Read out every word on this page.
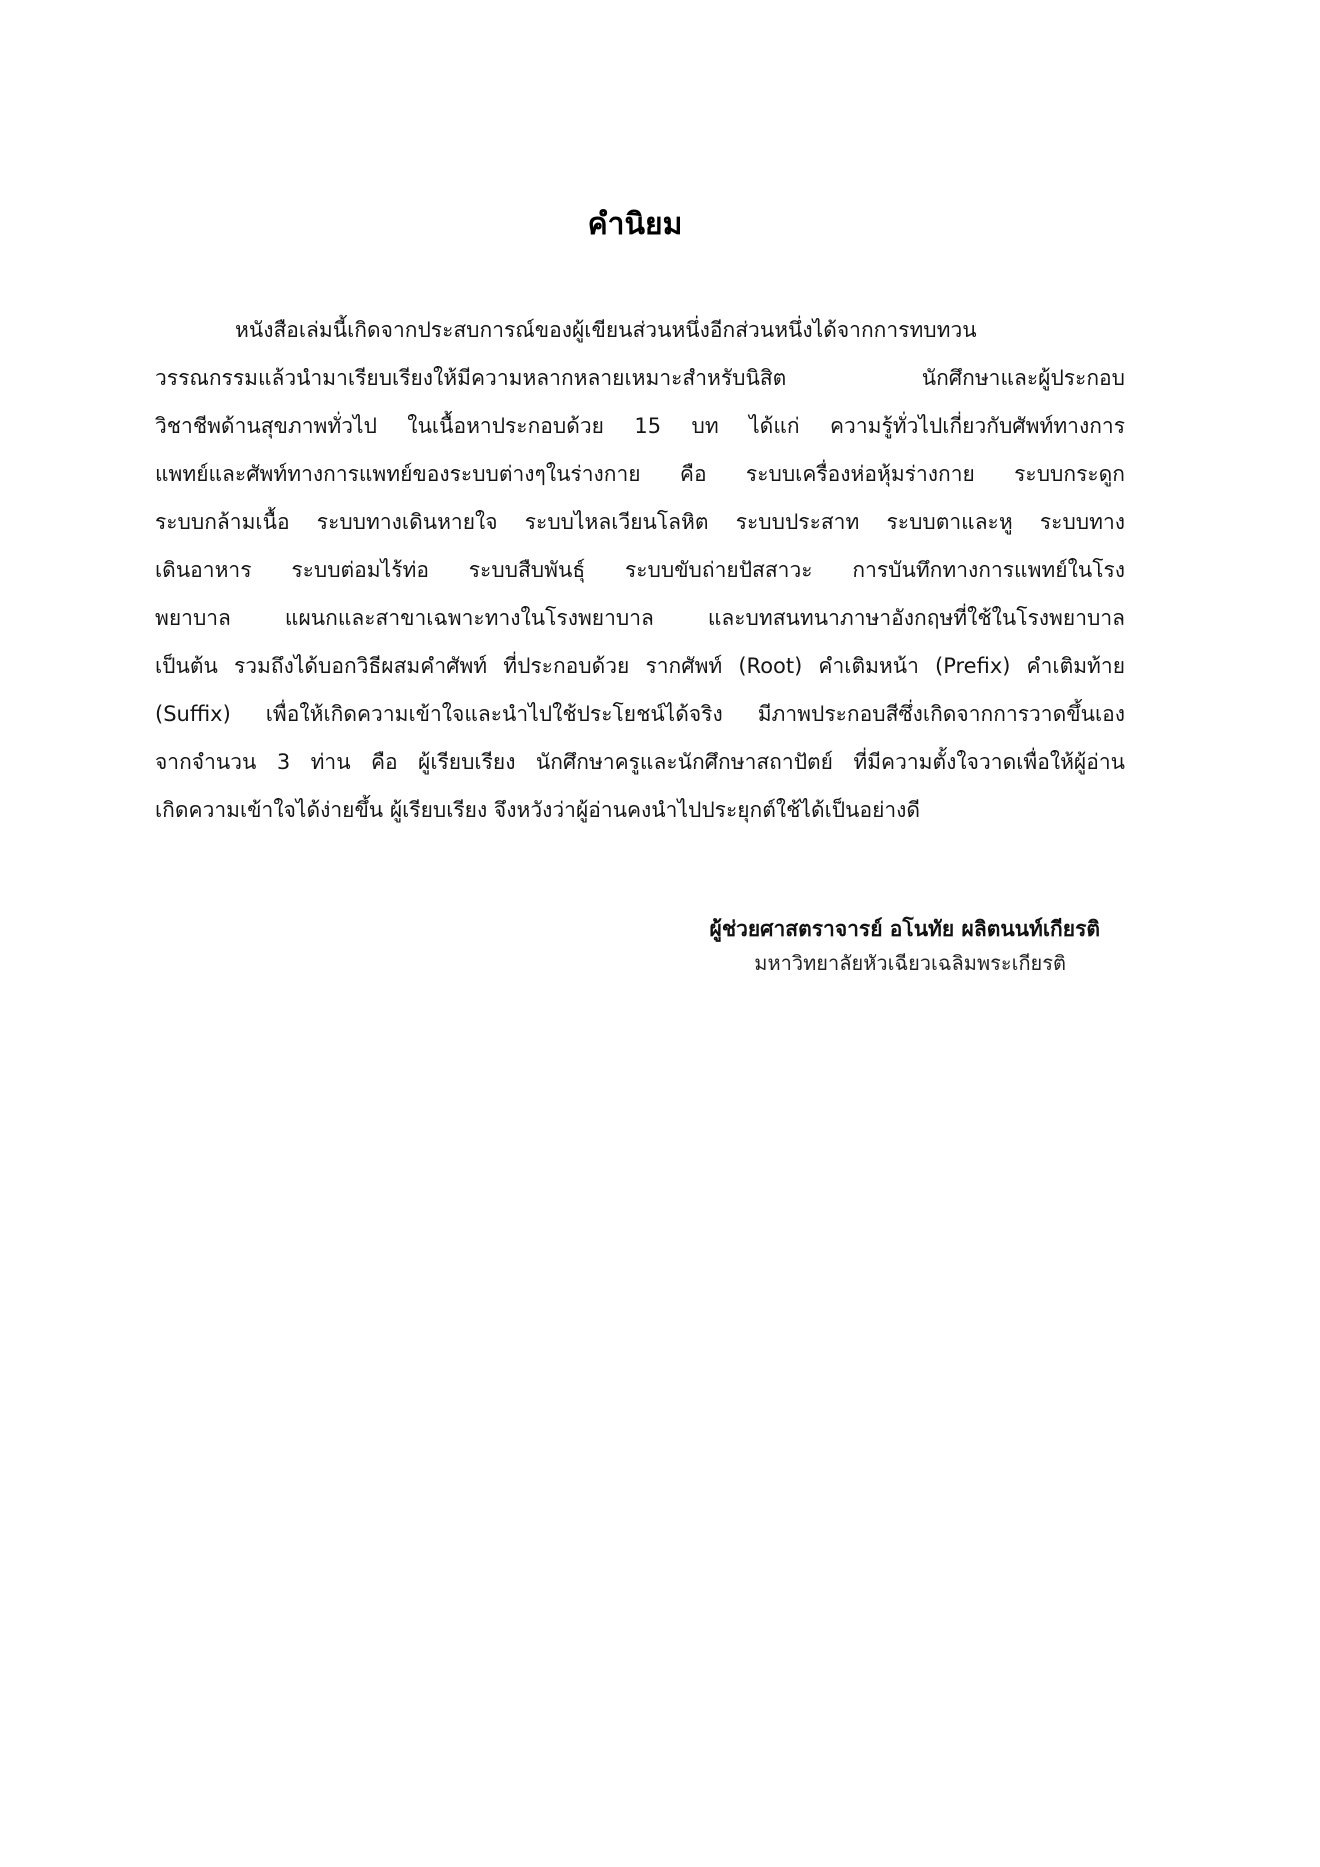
คำนิยม
หนังสือเล่มนี้เกิดจากประสบการณ์ของผู้เขียนส่วนหนึ่งอีกส่วนหนึ่งได้จากการทบทวน
วรรณกรรมแล้วนำมาเรียบเรียงให้มีความหลากหลายเหมาะสำหรับนิสิต นักศึกษาและผู้ประกอบ
วิชาชีพด้านสุขภาพทั่วไป ในเนื้อหาประกอบด้วย 15 บท ได้แก่ ความรู้ทั่วไปเกี่ยวกับศัพท์ทางการ
แพทย์และศัพท์ทางการแพทย์ของระบบต่างๆในร่างกาย คือ ระบบเครื่องห่อหุ้มร่างกาย ระบบกระดูก
ระบบกล้ามเนื้อ ระบบทางเดินหายใจ ระบบไหลเวียนโลหิต ระบบประสาท ระบบตาและหู ระบบทาง
เดินอาหาร ระบบต่อมไร้ท่อ ระบบสืบพันธุ์ ระบบขับถ่ายปัสสาวะ การบันทึกทางการแพทย์ในโรง
พยาบาล แผนกและสาขาเฉพาะทางในโรงพยาบาล และบทสนทนาภาษาอังกฤษที่ใช้ในโรงพยาบาล
เป็นต้น รวมถึงได้บอกวิธีผสมคำศัพท์ ที่ประกอบด้วย รากศัพท์ (Root) คำเติมหน้า (Prefix) คำเติมท้าย
(Suffix) เพื่อให้เกิดความเข้าใจและนำไปใช้ประโยชน์ได้จริง มีภาพประกอบสีซึ่งเกิดจากการวาดขึ้นเอง
จากจำนวน 3 ท่าน คือ ผู้เรียบเรียง นักศึกษาครูและนักศึกษาสถาปัตย์ ที่มีความตั้งใจวาดเพื่อให้ผู้อ่าน
เกิดความเข้าใจได้ง่ายขึ้น ผู้เรียบเรียง จึงหวังว่าผู้อ่านคงนำไปประยุกต์ใช้ได้เป็นอย่างดี
ผู้ช่วยศาสตราจารย์ อโนทัย ผลิตนนท์เกียรติ
มหาวิทยาลัยหัวเฉียวเฉลิมพระเกียรติ
